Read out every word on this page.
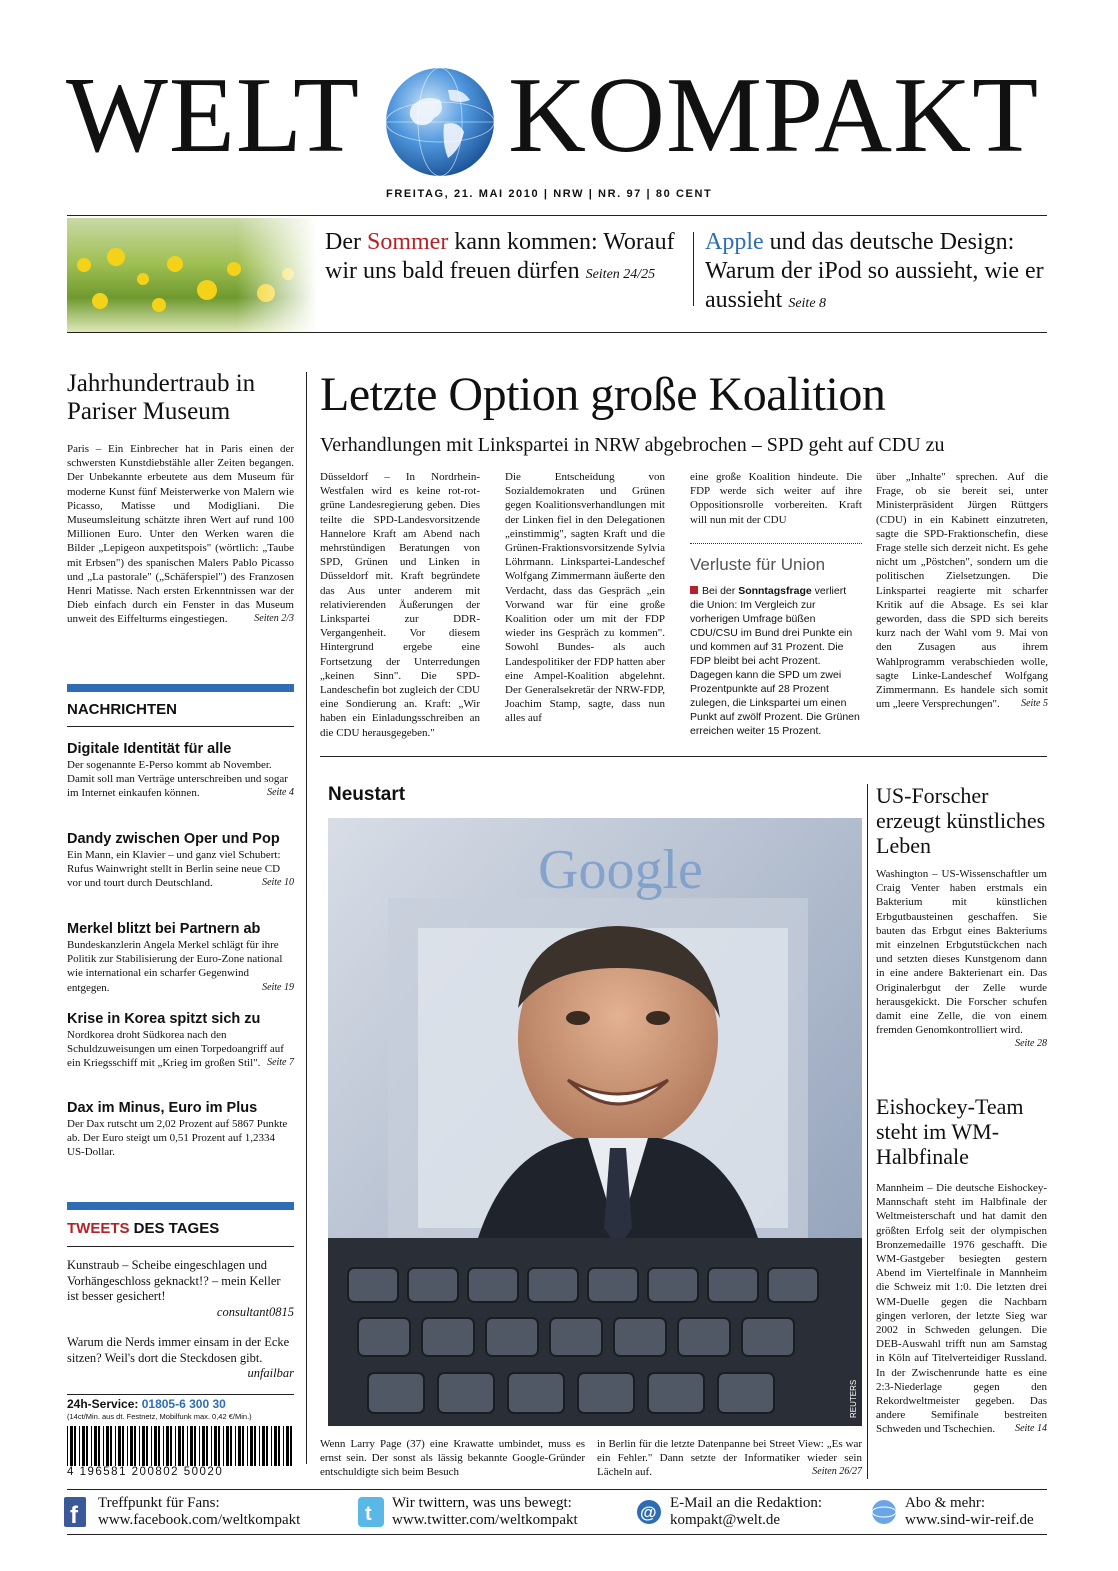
WELT KOMPAKT
FREITAG, 21. MAI 2010 | NRW | NR. 97 | 80 CENT
Der Sommer kann kommen: Worauf wir uns bald freuen dürfen Seiten 24/25
Apple und das deutsche Design: Warum der iPod so aussieht, wie er aussieht Seite 8
Jahrhundertraub in Pariser Museum
Paris – Ein Einbrecher hat in Paris einen der schwersten Kunstdiebstähle aller Zeiten begangen. Der Unbekannte erbeutete aus dem Museum für moderne Kunst fünf Meisterwerke von Malern wie Picasso, Matisse und Modigliani. Die Museumsleitung schätzte ihren Wert auf rund 100 Millionen Euro. Unter den Werken waren die Bilder „Lepigeon auxpetitspois" (wörtlich: „Taube mit Erbsen") des spanischen Malers Pablo Picasso und „La pastorale" („Schäferspiel") des Franzosen Henri Matisse. Nach ersten Erkenntnissen war der Dieb einfach durch ein Fenster in das Museum unweit des Eiffelturms eingestiegen.	Seiten 2/3
NACHRICHTEN
Digitale Identität für alle
Der sogenannte E-Perso kommt ab November. Damit soll man Verträge unterschreiben und sogar im Internet einkaufen können.	Seite 4
Dandy zwischen Oper und Pop
Ein Mann, ein Klavier – und ganz viel Schubert: Rufus Wainwright stellt in Berlin seine neue CD vor und tourt durch Deutschland.	Seite 10
Merkel blitzt bei Partnern ab
Bundeskanzlerin Angela Merkel schlägt für ihre Politik zur Stabilisierung der Euro-Zone national wie international ein scharfer Gegenwind entgegen.	Seite 19
Krise in Korea spitzt sich zu
Nordkorea droht Südkorea nach den Schuldzuweisungen um einen Torpedoangriff auf ein Kriegsschiff mit „Krieg im großen Stil". Seite 7
Dax im Minus, Euro im Plus
Der Dax rutscht um 2,02 Prozent auf 5867 Punkte ab. Der Euro steigt um 0,51 Prozent auf 1,2334 US-Dollar.
TWEETS DES TAGES
Kunstraub – Scheibe eingeschlagen und Vorhängeschloss geknackt!? – mein Keller ist besser gesichert!
consultant0815
Warum die Nerds immer einsam in der Ecke sitzen? Weil's dort die Steckdosen gibt.
unfailbar
24h-Service: 01805-6 300 30
(14ct/Min. aus dt. Festnetz, Mobilfunk max. 0,42 €/Min.)
4 196581 200802 50020
Letzte Option große Koalition
Verhandlungen mit Linkspartei in NRW abgebrochen – SPD geht auf CDU zu
Düsseldorf – In Nordrhein-Westfalen wird es keine rot-rot-grüne Landesregierung geben. Dies teilte die SPD-Landesvorsitzende Hannelore Kraft am Abend nach mehrstündigen Beratungen von SPD, Grünen und Linken in Düsseldorf mit. Kraft begründete das Aus unter anderem mit relativierenden Äußerungen der Linkspartei zur DDR-Vergangenheit. Vor diesem Hintergrund ergebe eine Fortsetzung der Unterredungen „keinen Sinn". Die SPD-Landeschefin bot zugleich der CDU eine Sondierung an. Kraft: „Wir haben ein Einladungsschreiben an die CDU herausgegeben."
Die Entscheidung von Sozialdemokraten und Grünen gegen Koalitionsverhandlungen mit der Linken fiel in den Delegationen „einstimmig", sagten Kraft und die Grünen-Fraktionsvorsitzende Sylvia Löhrmann. Linkspartei-Landeschef Wolfgang Zimmermann äußerte den Verdacht, dass das Gespräch „ein Vorwand war für eine große Koalition oder um mit der FDP wieder ins Gespräch zu kommen". Sowohl Bundes- als auch Landespolitiker der FDP hatten aber eine Ampel-Koalition abgelehnt. Der Generalsekretär der NRW-FDP, Joachim Stamp, sagte, dass nun alles auf
eine große Koalition hindeute. Die FDP werde sich weiter auf ihre Oppositionsrolle vorbereiten. Kraft will nun mit der CDU
Verluste für Union
Bei der Sonntagsfrage verliert die Union: Im Vergleich zur vorherigen Umfrage büßen CDU/CSU im Bund drei Punkte ein und kommen auf 31 Prozent. Die FDP bleibt bei acht Prozent. Dagegen kann die SPD um zwei Prozentpunkte auf 28 Prozent zulegen, die Linkspartei um einen Punkt auf zwölf Prozent. Die Grünen erreichen weiter 15 Prozent.
über „Inhalte" sprechen. Auf die Frage, ob sie bereit sei, unter Ministerpräsident Jürgen Rüttgers (CDU) in ein Kabinett einzutreten, sagte die SPD-Fraktionschefin, diese Frage stelle sich derzeit nicht. Es gehe nicht um „Pöstchen", sondern um die politischen Zielsetzungen. Die Linkspartei reagierte mit scharfer Kritik auf die Absage. Es sei klar geworden, dass die SPD sich bereits kurz nach der Wahl vom 9. Mai von den Zusagen aus ihrem Wahlprogramm verabschieden wolle, sagte Linke-Landeschef Wolfgang Zimmermann. Es handele sich somit um „leere Versprechungen". Seite 5
Neustart
Google
REUTERS
Wenn Larry Page (37) eine Krawatte umbindet, muss es ernst sein. Der sonst als lässig bekannte Google-Gründer entschuldigte sich beim Besuch
in Berlin für die letzte Datenpanne bei Street View: „Es war ein Fehler." Dann setzte der Informatiker wieder sein Lächeln auf.	Seiten 26/27
US-Forscher erzeugt künstliches Leben
Washington – US-Wissenschaftler um Craig Venter haben erstmals ein Bakterium mit künstlichen Erbgutbausteinen geschaffen. Sie bauten das Erbgut eines Bakteriums mit einzelnen Erbgutstückchen nach und setzten dieses Kunstgenom dann in eine andere Bakterienart ein. Das Originalerbgut der Zelle wurde herausgekickt. Die Forscher schufen damit eine Zelle, die von einem fremden Genomkontrolliert wird.
Seite 28
Eishockey-Team steht im WM-Halbfinale
Mannheim – Die deutsche Eishockey-Mannschaft steht im Halbfinale der Weltmeisterschaft und hat damit den größten Erfolg seit der olympischen Bronzemedaille 1976 geschafft. Die WM-Gastgeber besiegten gestern Abend im Viertelfinale in Mannheim die Schweiz mit 1:0. Die letzten drei WM-Duelle gegen die Nachbarn gingen verloren, der letzte Sieg war 2002 in Schweden gelungen. Die DEB-Auswahl trifft nun am Samstag in Köln auf Titelverteidiger Russland. In der Zwischenrunde hatte es eine 2:3-Niederlage gegen den Rekordweltmeister gegeben. Das andere Semifinale bestreiten Schweden und Tschechien. Seite 14
f Treffpunkt für Fans:
www.facebook.com/weltkompakt	t Wir twittern, was uns bewegt:
www.twitter.com/weltkompakt	@ E-Mail an die Redaktion:
kompakt@welt.de
Abo & mehr:
www.sind-wir-reif.de
